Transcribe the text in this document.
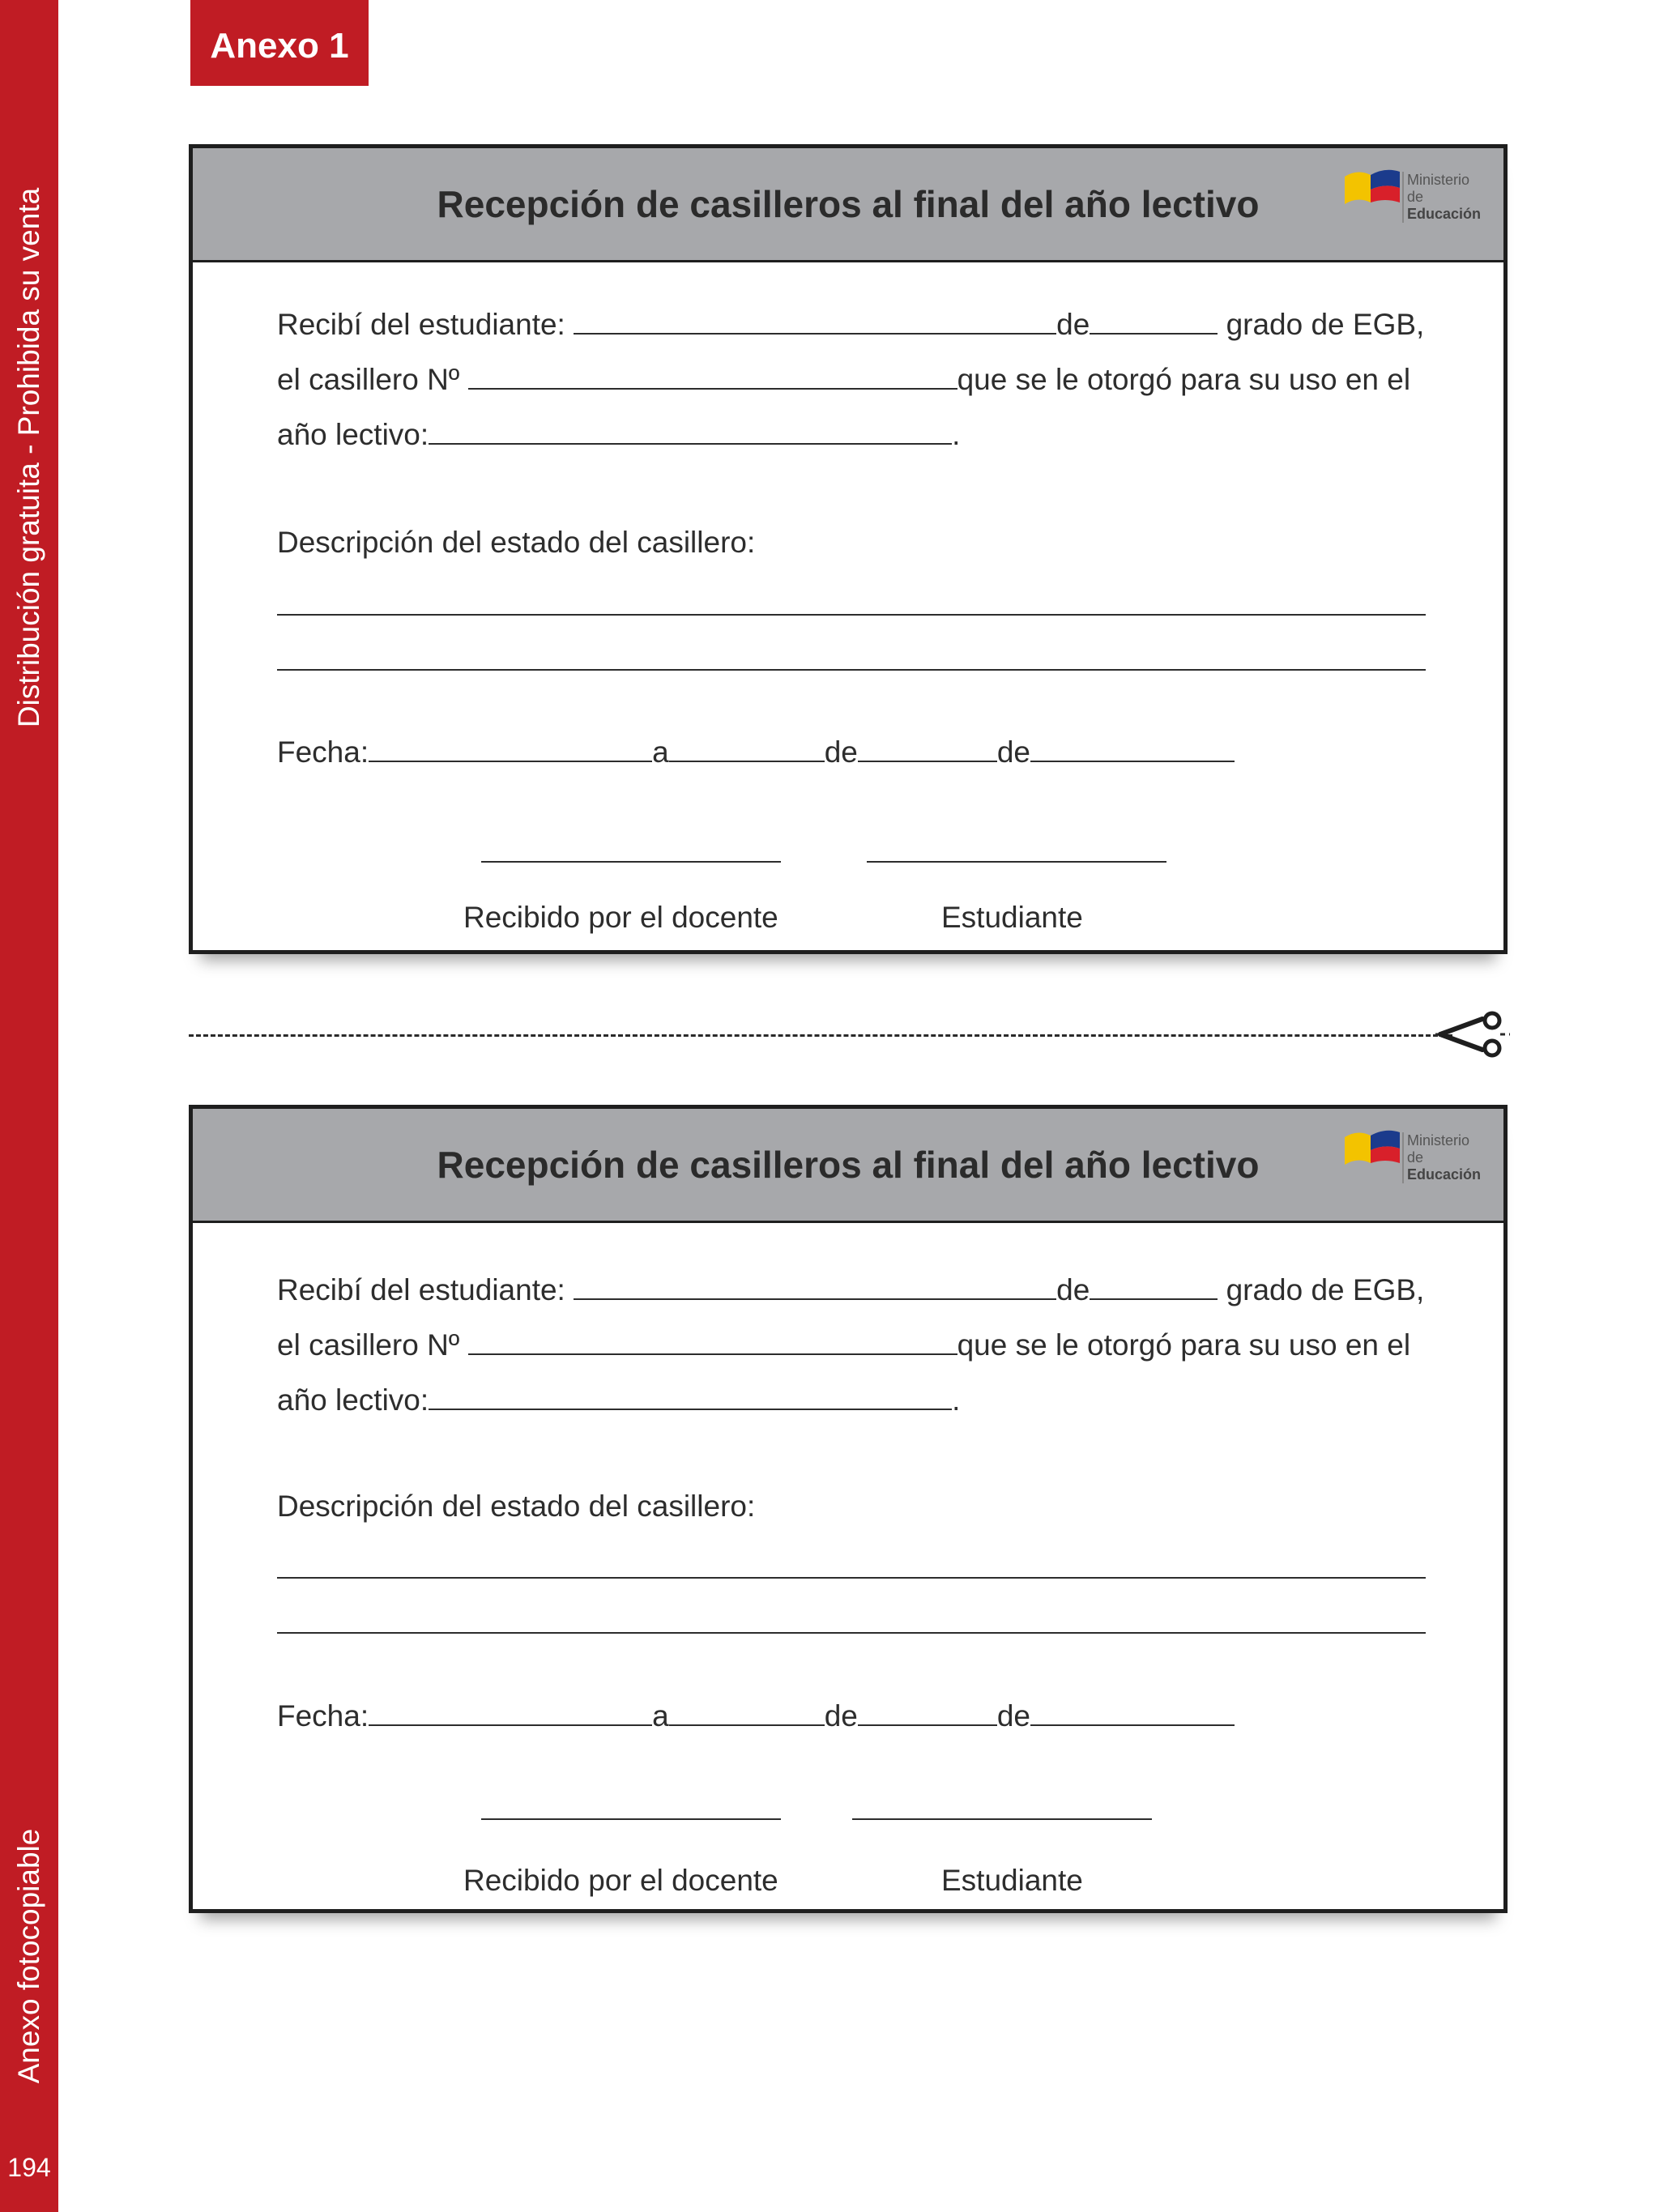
Distribución gratuita - Prohibida su venta
Anexo fotocopiable
194
Anexo 1
Recepción de casilleros al final del año lectivo
Ministerio
de Educación
Recibí del estudiante:	de	grado de EGB,
el casillero Nº	que se le otorgó para su uso en el
año lectivo:	.
Descripción del estado del casillero:
Fecha:	a	de	de
Recibido por el docente	Estudiante
Recepción de casilleros al final del año lectivo
Ministerio
de Educación
Recibí del estudiante:	de	grado de EGB,
el casillero Nº	que se le otorgó para su uso en el
año lectivo:	.
Descripción del estado del casillero:
Fecha:	a	de	de
Recibido por el docente	Estudiante
